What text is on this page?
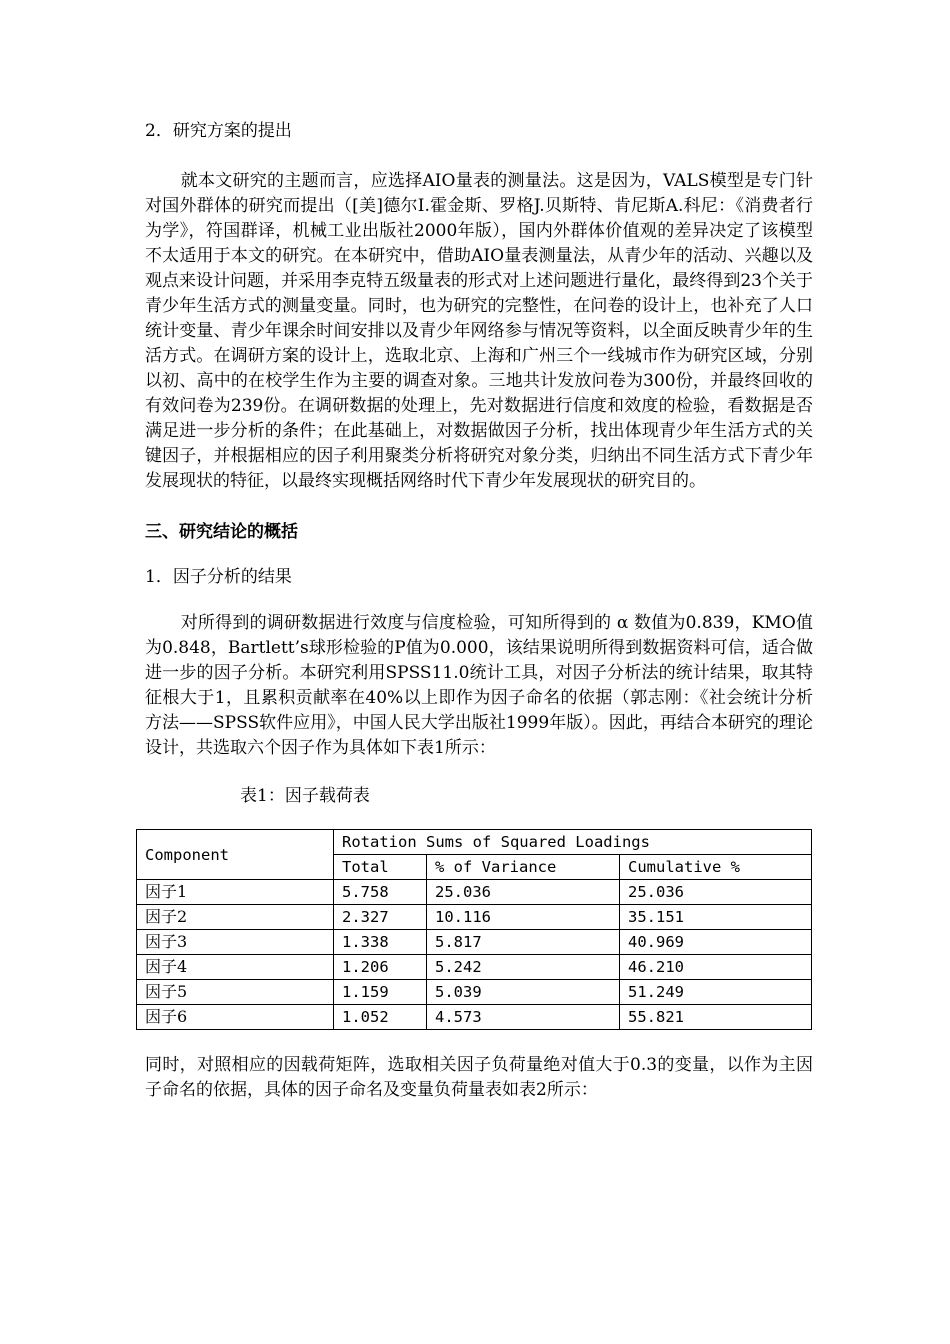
2．研究方案的提出

就本文研究的主题而言，应选择AIO量表的测量法。这是因为，VALS模型是专门针对国外群体的研究而提出（[美]德尔I.霍金斯、罗格J.贝斯特、肯尼斯A.科尼：《消费者行为学》，符国群译，机械工业出版社2000年版），国内外群体价值观的差异决定了该模型不太适用于本文的研究。在本研究中，借助AIO量表测量法，从青少年的活动、兴趣以及观点来设计问题，并采用李克特五级量表的形式对上述问题进行量化，最终得到23个关于青少年生活方式的测量变量。同时，也为研究的完整性，在问卷的设计上，也补充了人口统计变量、青少年课余时间安排以及青少年网络参与情况等资料，以全面反映青少年的生活方式。在调研方案的设计上，选取北京、上海和广州三个一线城市作为研究区域，分别以初、高中的在校学生作为主要的调查对象。三地共计发放问卷为300份，并最终回收的有效问卷为239份。在调研数据的处理上，先对数据进行信度和效度的检验，看数据是否满足进一步分析的条件；在此基础上，对数据做因子分析，找出体现青少年生活方式的关键因子，并根据相应的因子利用聚类分析将研究对象分类，归纳出不同生活方式下青少年发展现状的特征，以最终实现概括网络时代下青少年发展现状的研究目的。

三、研究结论的概括

1．因子分析的结果

对所得到的调研数据进行效度与信度检验，可知所得到的 α 数值为0.839，KMO值为0.848，Bartlett’s球形检验的P值为0.000，该结果说明所得到数据资料可信，适合做进一步的因子分析。本研究利用SPSS11.0统计工具，对因子分析法的统计结果，取其特征根大于1，且累积贡献率在40%以上即作为因子命名的依据（郭志刚：《社会统计分析方法——SPSS软件应用》，中国人民大学出版社1999年版）。因此，再结合本研究的理论设计，共选取六个因子作为具体如下表1所示：

表1：因子载荷表

Component	Rotation Sums of Squared Loadings		
	Total	% of Variance	Cumulative %
因子1	5.758	25.036	25.036
因子2	2.327	10.116	35.151
因子3	1.338	5.817	40.969
因子4	1.206	5.242	46.210
因子5	1.159	5.039	51.249
因子6	1.052	4.573	55.821

同时，对照相应的因载荷矩阵，选取相关因子负荷量绝对值大于0.3的变量，以作为主因子命名的依据，具体的因子命名及变量负荷量表如表2所示：
